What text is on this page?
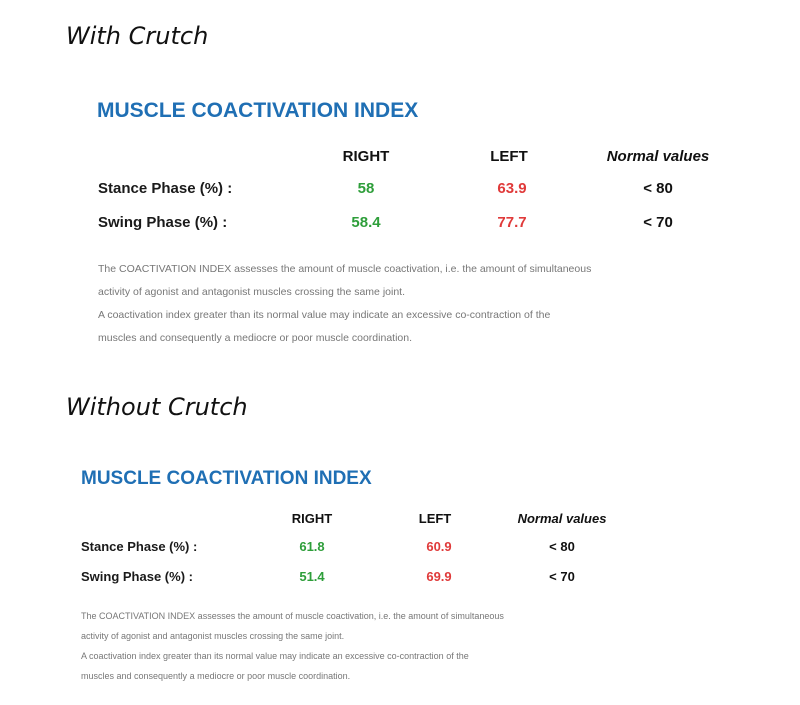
With Crutch
MUSCLE COACTIVATION INDEX
RIGHT	LEFT	Normal values
Stance Phase (%) :	58	63.9	< 80
Swing Phase (%) :	58.4	77.7	< 70
The COACTIVATION INDEX assesses the amount of muscle coactivation, i.e. the amount of simultaneous
activity of agonist and antagonist muscles crossing the same joint.
A coactivation index greater than its normal value may indicate an excessive co-contraction of the
muscles and consequently a mediocre or poor muscle coordination.
Without Crutch
MUSCLE COACTIVATION INDEX
RIGHT	LEFT	Normal values
Stance Phase (%) :	61.8	60.9	< 80
Swing Phase (%) :	51.4	69.9	< 70
The COACTIVATION INDEX assesses the amount of muscle coactivation, i.e. the amount of simultaneous
activity of agonist and antagonist muscles crossing the same joint.
A coactivation index greater than its normal value may indicate an excessive co-contraction of the
muscles and consequently a mediocre or poor muscle coordination.
